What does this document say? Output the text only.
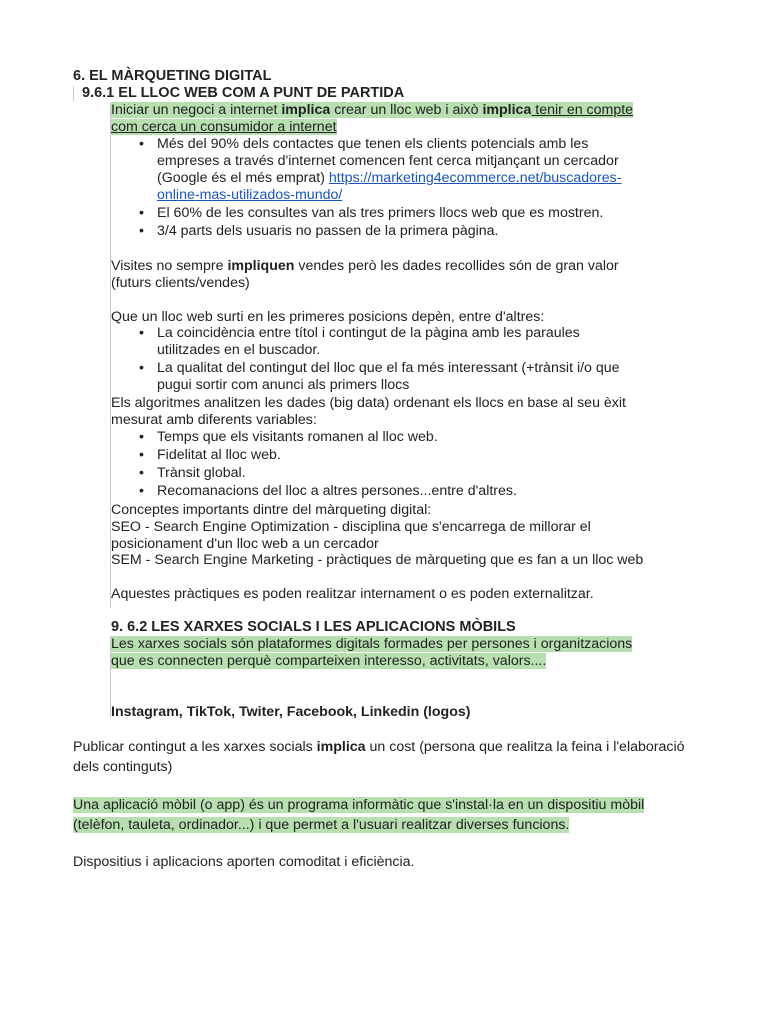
6. EL MÀRQUETING DIGITAL
9.6.1 EL LLOC WEB COM A PUNT DE PARTIDA
Iniciar un negoci a internet implica crear un lloc web i això implica tenir en compte com cerca un consumidor a internet
• Més del 90% dels contactes que tenen els clients potencials amb les empreses a través d'internet comencen fent cerca mitjançant un cercador (Google és el més emprat) https://marketing4ecommerce.net/buscadores-online-mas-utilizados-mundo/
• El 60% de les consultes van als tres primers llocs web que es mostren.
• 3/4 parts dels usuaris no passen de la primera pàgina.
Visites no sempre impliquen vendes però les dades recollides són de gran valor (futurs clients/vendes)
Que un lloc web surti en les primeres posicions depèn, entre d'altres:
• La coincidència entre títol i contingut de la pàgina amb les paraules utilitzades en el buscador.
• La qualitat del contingut del lloc que el fa més interessant (+trànsit i/o que pugui sortir com anunci als primers llocs
Els algoritmes analitzen les dades (big data) ordenant els llocs en base al seu èxit mesurat amb diferents variables:
• Temps que els visitants romanen al lloc web.
• Fidelitat al lloc web.
• Trànsit global.
• Recomanacions del lloc a altres persones...entre d'altres.
Conceptes importants dintre del màrqueting digital:
SEO - Search Engine Optimization - disciplina que s'encarrega de millorar el posicionament d'un lloc web a un cercador
SEM - Search Engine Marketing - pràctiques de màrqueting que es fan a un lloc web
Aquestes pràctiques es poden realitzar internament o es poden externalitzar.
9. 6.2 LES XARXES SOCIALS I LES APLICACIONS MÒBILS
Les xarxes socials són plataformes digitals formades per persones i organitzacions que es connecten perquè comparteixen interesso, activitats, valors....
Instagram, TikTok, Twiter, Facebook, Linkedin (logos)
Publicar contingut a les xarxes socials implica un cost (persona que realitza la feina i l'elaboració dels continguts)
Una aplicació mòbil (o app) és un programa informàtic que s'instal·la en un dispositiu mòbil (telèfon, tauleta, ordinador...) i que permet a l'usuari realitzar diverses funcions.
Dispositius i aplicacions aporten comoditat i eficiència.
